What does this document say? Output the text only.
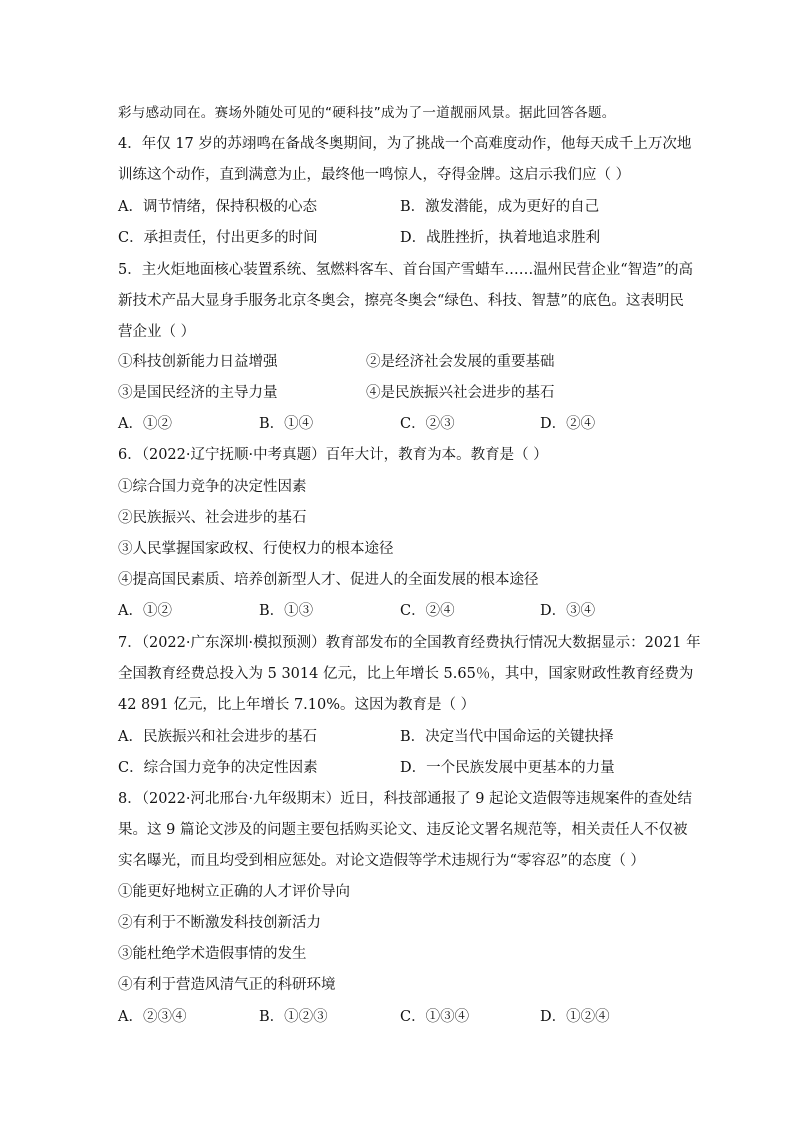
彩与感动同在。赛场外随处可见的“硬科技”成为了一道靓丽风景。据此回答各题。
4．年仅 17 岁的苏翊鸣在备战冬奥期间，为了挑战一个高难度动作，他每天成千上万次地
训练这个动作，直到满意为止，最终他一鸣惊人，夺得金牌。这启示我们应（ ）
A．调节情绪，保持积极的心态	B．激发潜能，成为更好的自己
C．承担责任，付出更多的时间	D．战胜挫折，执着地追求胜利
5．主火炬地面核心装置系统、氢燃料客车、首台国产雪蜡车……温州民营企业“智造”的高
新技术产品大显身手服务北京冬奥会，擦亮冬奥会“绿色、科技、智慧”的底色。这表明民
营企业（ ）
①科技创新能力日益增强	②是经济社会发展的重要基础
③是国民经济的主导力量	④是民族振兴社会进步的基石
A．①②	B．①④	C．②③	D．②④
6．（2022·辽宁抚顺·中考真题）百年大计，教育为本。教育是（ ）
①综合国力竞争的决定性因素
②民族振兴、社会进步的基石
③人民掌握国家政权、行使权力的根本途径
④提高国民素质、培养创新型人才、促进人的全面发展的根本途径
A．①②	B．①③	C．②④	D．③④
7．（2022·广东深圳·模拟预测）教育部发布的全国教育经费执行情况大数据显示：2021 年
全国教育经费总投入为 5 3014 亿元，比上年增长 5.65％，其中，国家财政性教育经费为
42 891 亿元，比上年增长 7.10%。这因为教育是（ ）
A．民族振兴和社会进步的基石	B．决定当代中国命运的关键抉择
C．综合国力竞争的决定性因素	D．一个民族发展中更基本的力量
8．（2022·河北邢台·九年级期末）近日，科技部通报了 9 起论文造假等违规案件的查处结
果。这 9 篇论文涉及的问题主要包括购买论文、违反论文署名规范等，相关责任人不仅被
实名曝光，而且均受到相应惩处。对论文造假等学术违规行为“零容忍”的态度（ ）
①能更好地树立正确的人才评价导向
②有利于不断激发科技创新活力
③能杜绝学术造假事情的发生
④有利于营造风清气正的科研环境
A．②③④	B．①②③	C．①③④	D．①②④
